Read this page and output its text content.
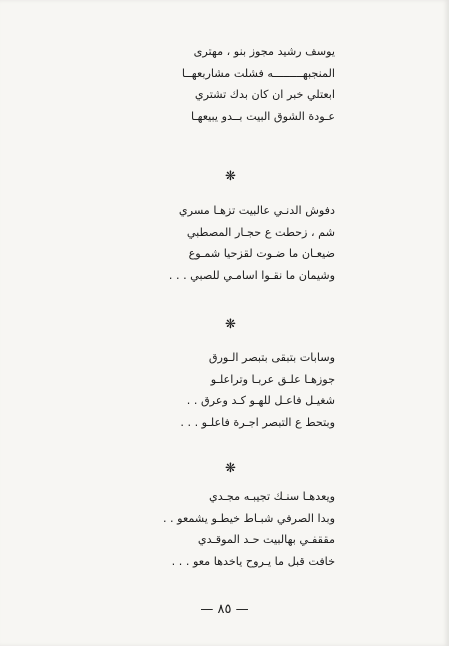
يوسف رشيد مجوز بنو ، مهترى
المنجبهـــــــــه فشلت مشاربعهــا
ابعتلي خبر ان كان بدك تشتري
عـودة الشوق البيت بــدو يبيعهـا
❋
دفوش الدنـي عالبيت تزهـا مسري
شم ، زحطت ع حجـار المصطبي
ضيعـان ما ضـوت لقزحيا شمـوع
وشيمان ما نقـوا اسامـي للصبي . . .
❋
وسابات بتبقى بتبصر الـورق
جوزهـا علـق عربـا وتراعلـو
شغيـل فاعـل للهـو كـد وعرق . .
وبتحط ع التبصر اجـرة فاعلـو . . .
❋
ويعدهـا سنـك تجيبـه مجـدي
وبدا الصرفي شبـاط خيطـو يشمعو . .
مققفـي بهالبيت حـد الموقـدي
خافت قبل ما يـروح ياخدها معو . . .
— ٨٥ —
